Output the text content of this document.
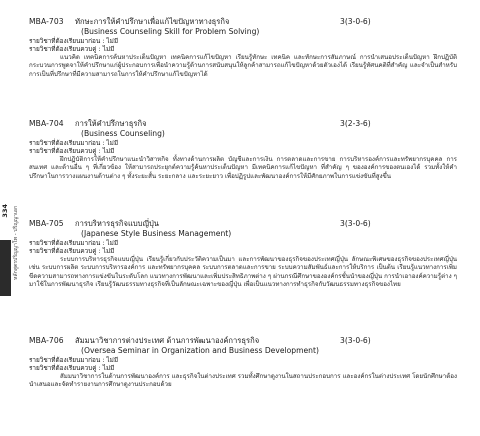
334 หลักสูตรปริญญาโท - ปริญญาเอก
MBA-703 ทักษะการให้คำปรึกษาเพื่อแก้ไขปัญหาทางธุรกิจ	3(3-0-6)
(Business Counseling Skill for Problem Solving)
รายวิชาที่ต้องเรียนมาก่อน : ไม่มี
รายวิชาที่ต้องเรียนควบคู่ : ไม่มี
แนวคิด เทคนิคการค้นหาประเด็นปัญหา เทคนิคการแก้ไขปัญหา เรียนรู้ทักษะ เทคนิค และทักษะการสัมภาษณ์ การนำเสนอประเด็นปัญหา ฝึกปฏิบัติกระบวนการพูดจาให้คำปรึกษาแก่ผู้ประกอบการเพื่อนำความรู้ด้านการสนับสนุนให้ลูกค้าสามารถแก้ไขปัญหาด้วยตัวเองได้ เรียนรู้ทัศนคติที่สำคัญ และจำเป็นสำหรับการเป็นที่ปรึกษาที่มีความสามารถในการให้คำปรึกษาแก้ไขปัญหาได้
MBA-704 การให้คำปรึกษาธุรกิจ	3(2-3-6)
(Business Counseling)
รายวิชาที่ต้องเรียนมาก่อน : ไม่มี
รายวิชาที่ต้องเรียนควบคู่ : ไม่มี
ฝึกปฏิบัติการให้คำปรึกษาแนะนำวิสาหกิจ ทั้งทางด้านการผลิต บัญชีและการเงิน การตลาดและการขาย การบริหารองค์การและทรัพยากรบุคคล การสนเทศ และด้านอื่น ๆ ที่เกี่ยวข้อง ให้สามารถประยุกต์ความรู้ค้นหาประเด็นปัญหา มีเทคนิคการแก้ไขปัญหา ที่สำคัญ ๆ ขององค์การของตนเองได้ รวมทั้งให้คำปรึกษาในการวางแผนงานด้านต่าง ๆ ทั้งระยะสั้น ระยะกลาง และระยะยาว เพื่อปฏิรูปและพัฒนาองค์การให้มีศักยภาพในการแข่งขันที่สูงขึ้น
MBA-705 การบริหารธุรกิจแบบญี่ปุ่น	3(3-0-6)
(Japanese Style Business Management)
รายวิชาที่ต้องเรียนมาก่อน : ไม่มี
รายวิชาที่ต้องเรียนควบคู่ : ไม่มี
ระบบการบริหารธุรกิจแบบญี่ปุ่น เรียนรู้เกี่ยวกับประวัติความเป็นมา และการพัฒนาของธุรกิจของประเทศญี่ปุ่น ลักษณะพิเศษของธุรกิจของประเทศญี่ปุ่น เช่น ระบบการผลิต ระบบการบริหารองค์การ และทรัพยากรบุคคล ระบบการตลาดและการขาย ระบบความสัมพันธ์และการให้บริการ เป็นต้น เรียนรู้แนวทางการเพิ่มขีดความสามารถทางการแข่งขันในระดับโลก แนวทางการพัฒนาและเพิ่มประสิทธิภาพต่าง ๆ ผ่านกรณีศึกษาขององค์กรชั้นนำของญี่ปุ่น การนำเอาองค์ความรู้ต่าง ๆ มาใช้ในการพัฒนาธุรกิจ เรียนรู้วัฒนธรรมทางธุรกิจที่เป็นลักษณะเฉพาะของญี่ปุ่น เพื่อเป็นแนวทางการทำธุรกิจกับวัฒนธรรมทางธุรกิจของไทย
MBA-706 สัมมนาวิชาการต่างประเทศ ด้านการพัฒนาองค์การธุรกิจ	3(3-0-6)
(Oversea Seminar in Organization and Business Development)
รายวิชาที่ต้องเรียนมาก่อน : ไม่มี
รายวิชาที่ต้องเรียนควบคู่ : ไม่มี
สัมมนาวิชาการในด้านการพัฒนาองค์การ และธุรกิจในต่างประเทศ รวมทั้งศึกษาดูงานในสถานประกอบการ และองค์กรในต่างประเทศ โดยนักศึกษาต้องนำเสนอและจัดทำรายงานการศึกษาดูงานประกอบด้วย
